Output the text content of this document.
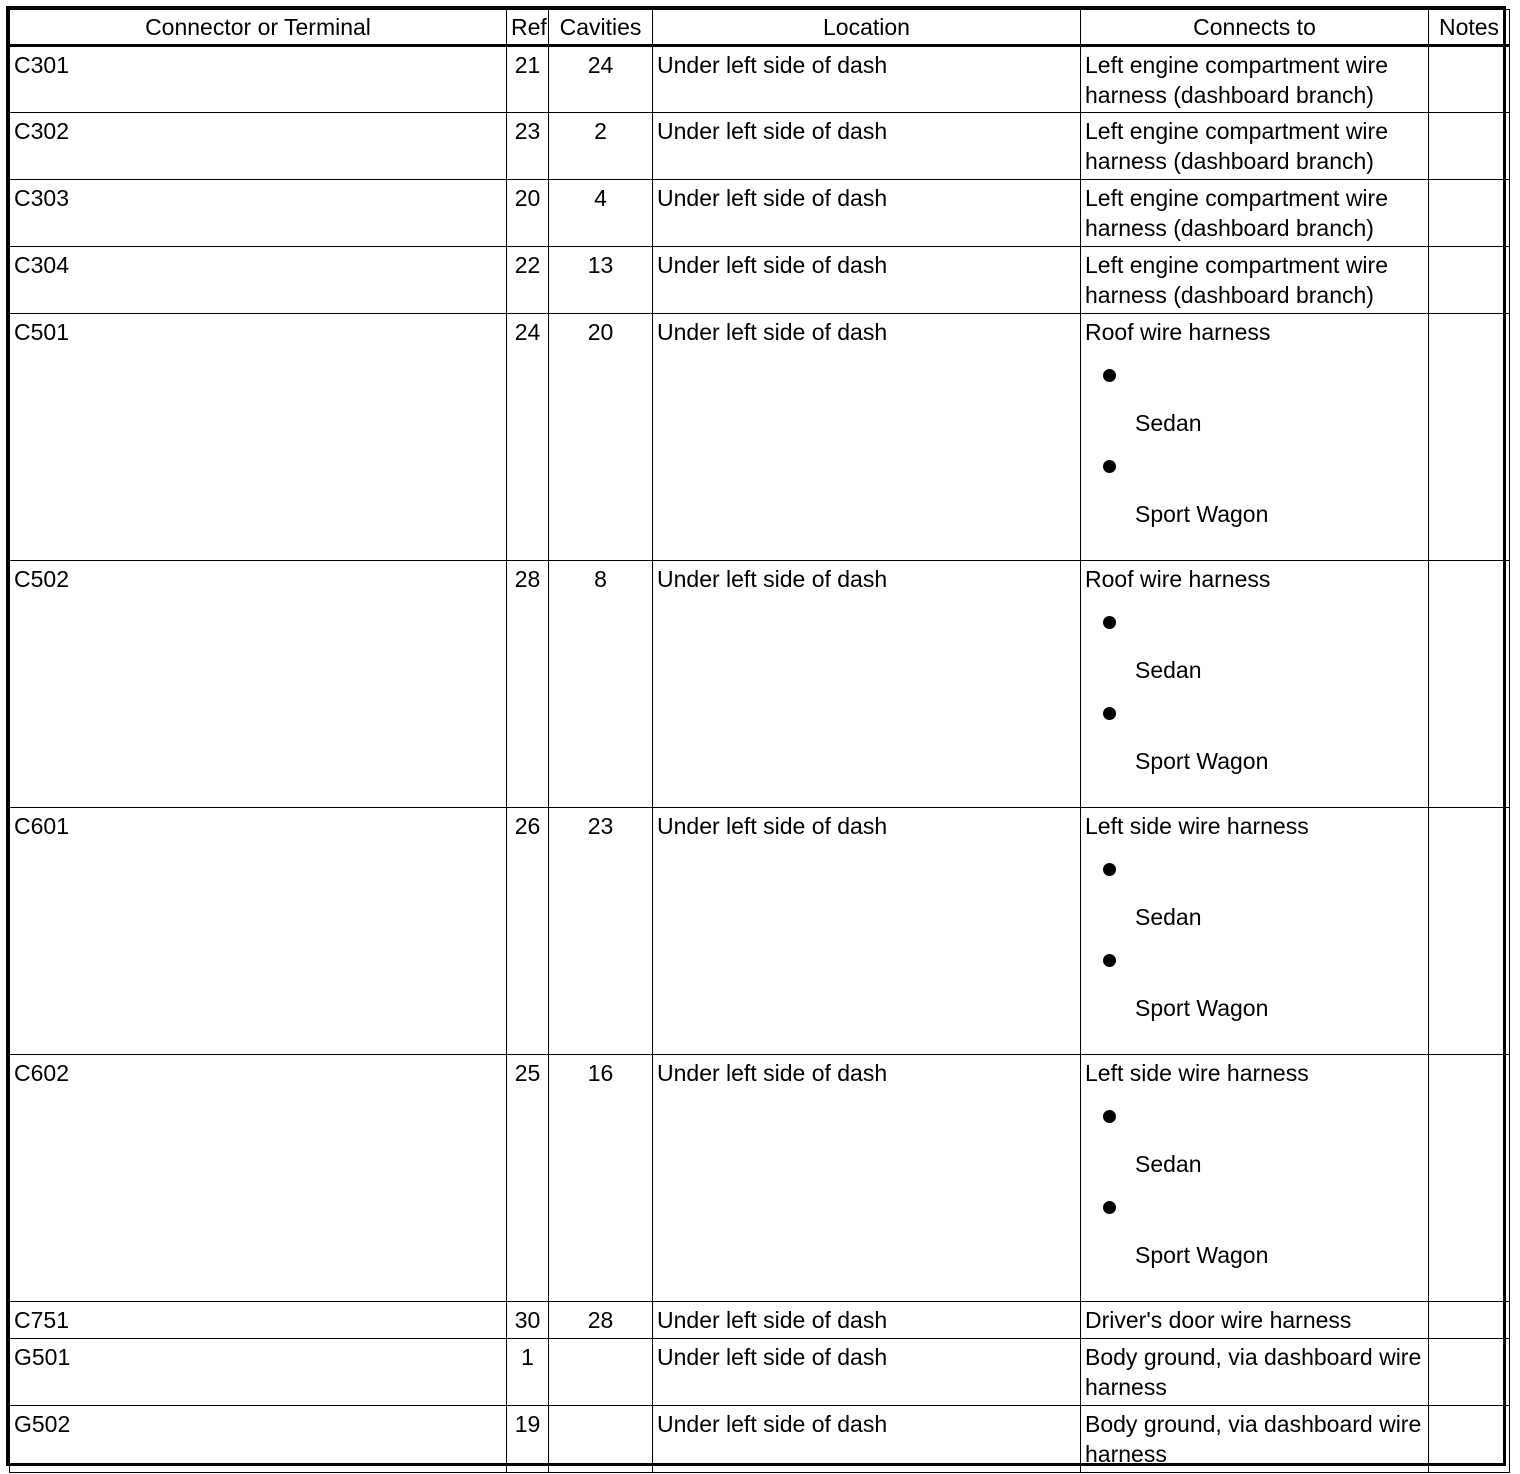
Connector or Terminal	Ref	Cavities	Location	Connects to	Notes
C301	21	24	Under left side of dash	Left engine compartment wire harness (dashboard branch)	
C302	23	2	Under left side of dash	Left engine compartment wire harness (dashboard branch)	
C303	20	4	Under left side of dash	Left engine compartment wire harness (dashboard branch)	
C304	22	13	Under left side of dash	Left engine compartment wire harness (dashboard branch)	
C501	24	20	Under left side of dash	Roof wire harness
Sedan
Sport Wagon	

C502	28	8	Under left side of dash	Roof wire harness
Sedan
Sport Wagon	

C601	26	23	Under left side of dash	Left side wire harness
Sedan
Sport Wagon	

C602	25	16	Under left side of dash	Left side wire harness
Sedan
Sport Wagon	

C751	30	28	Under left side of dash	Driver's door wire harness	
G501	1		Under left side of dash	Body ground, via dashboard wire harness	
G502	19		Under left side of dash	Body ground, via dashboard wire harness	
